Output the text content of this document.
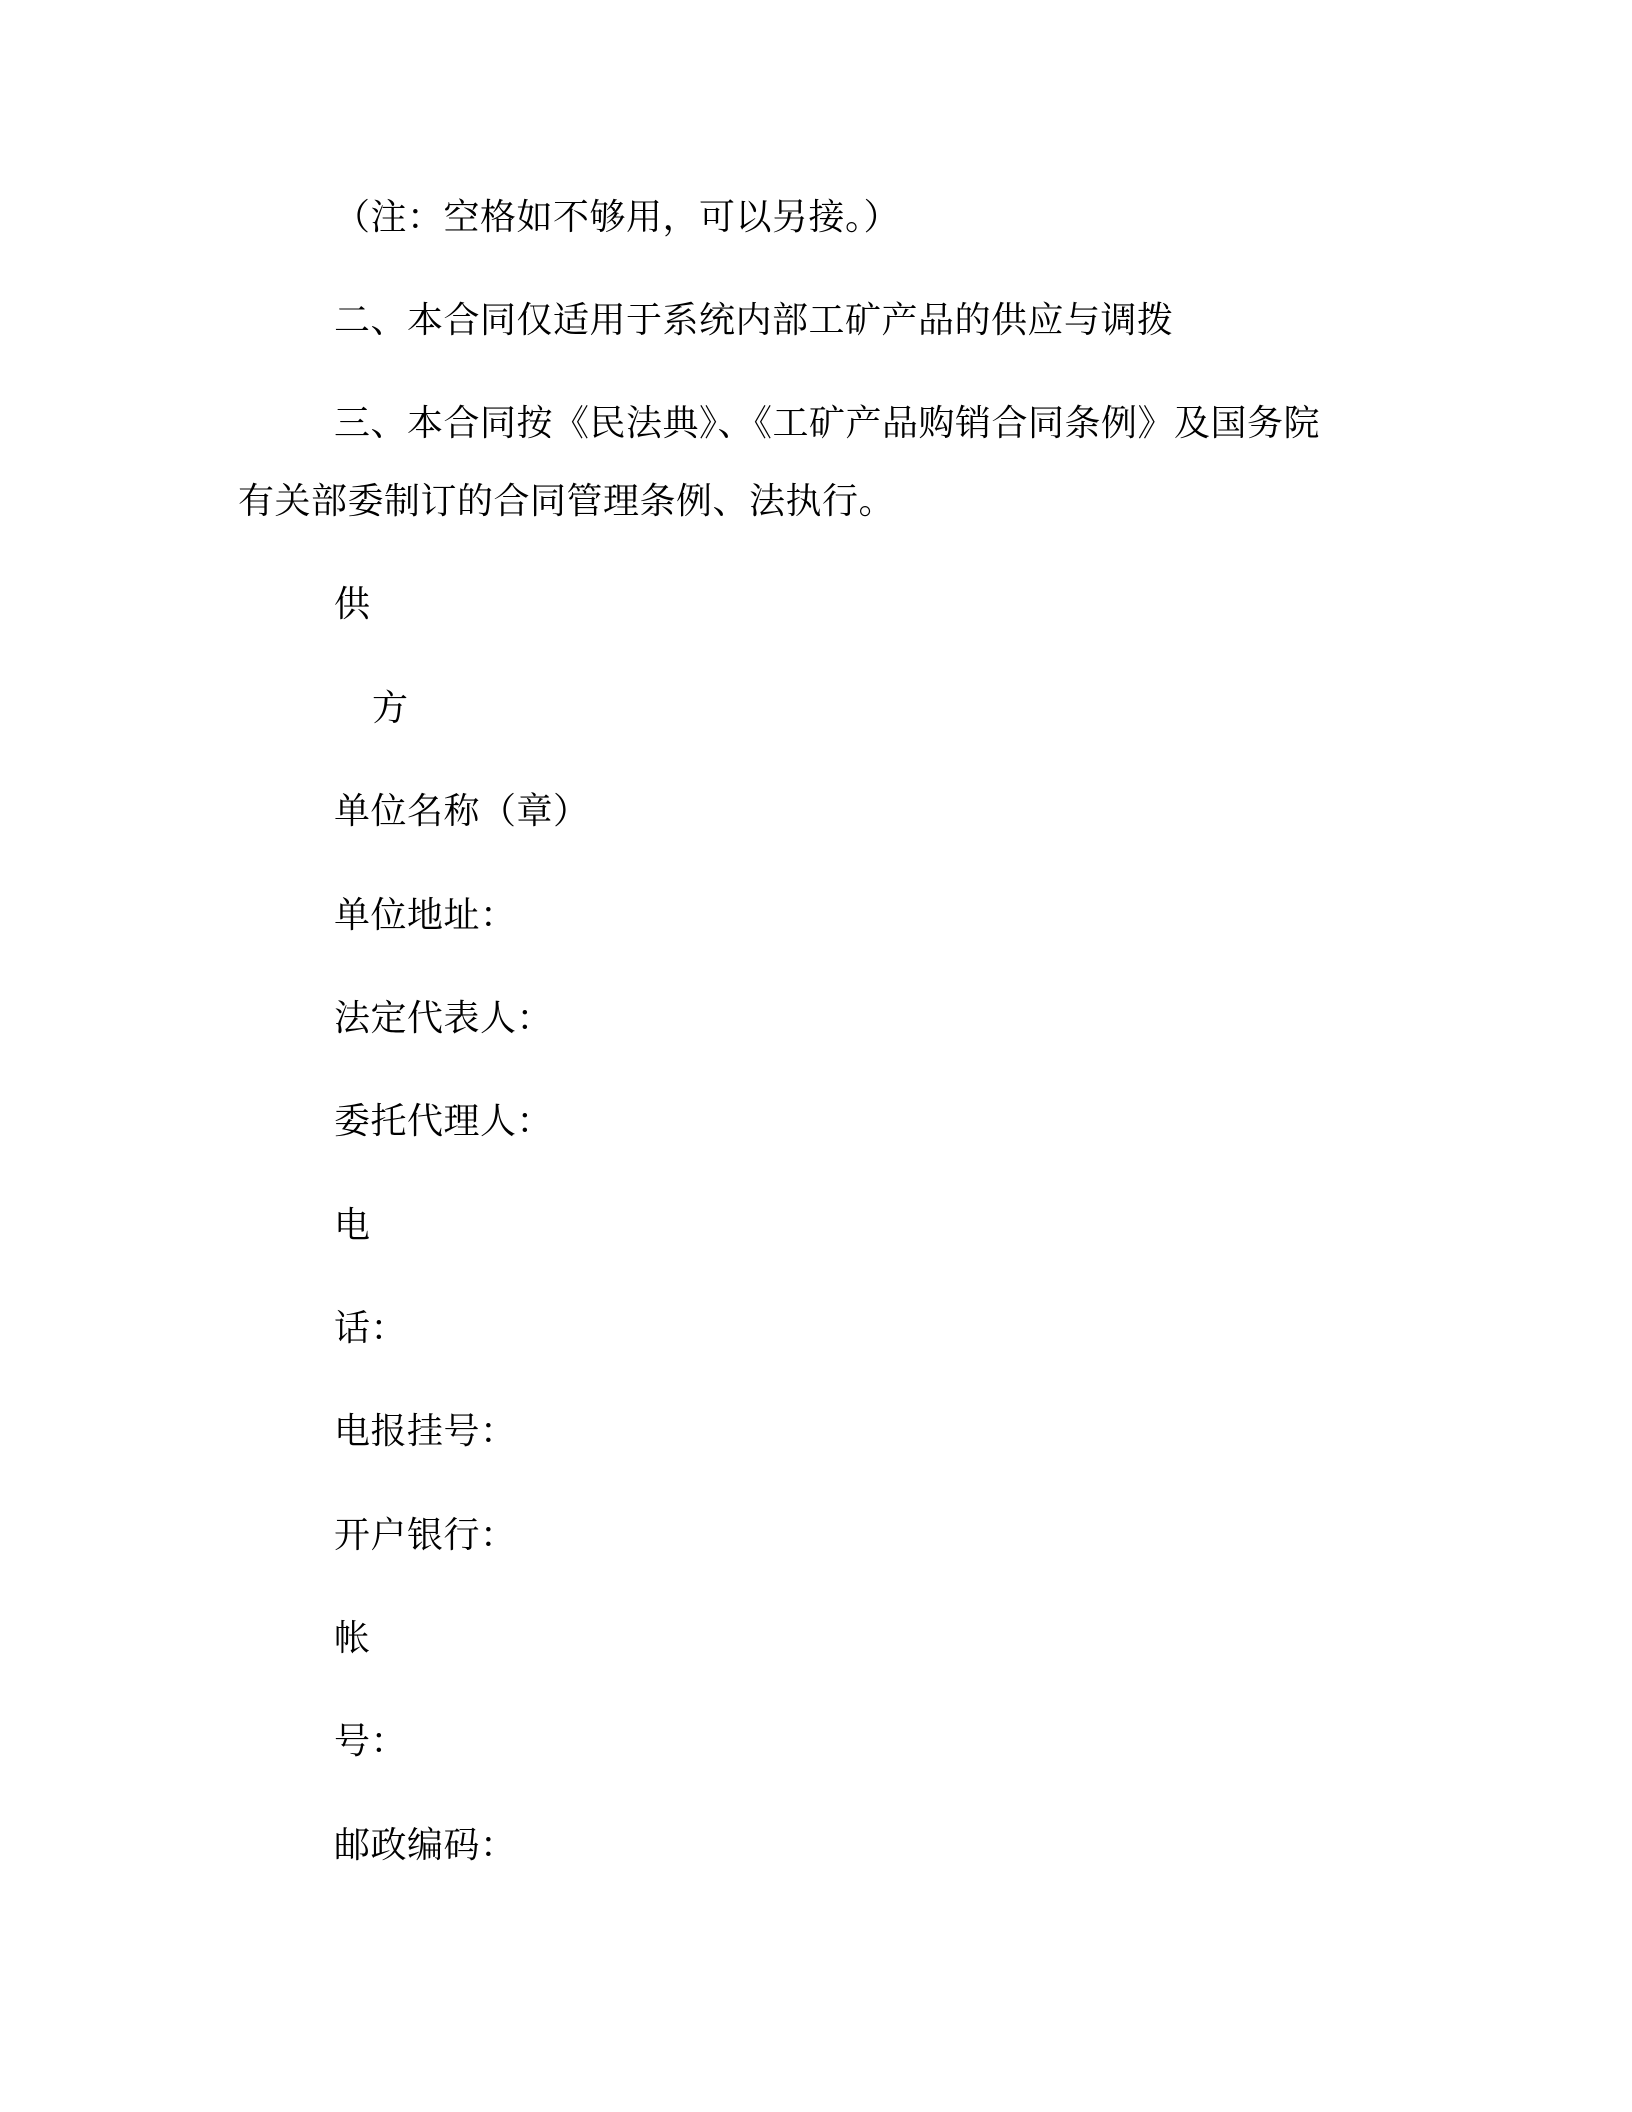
（注：空格如不够用，可以另接。）
二、本合同仅适用于系统内部工矿产品的供应与调拨
三、本合同按《民法典》、《工矿产品购销合同条例》及国务院
有关部委制订的合同管理条例、法执行。
供
方
单位名称（章）
单位地址：
法定代表人：
委托代理人：
电
话：
电报挂号：
开户银行：
帐
号：
邮政编码：
